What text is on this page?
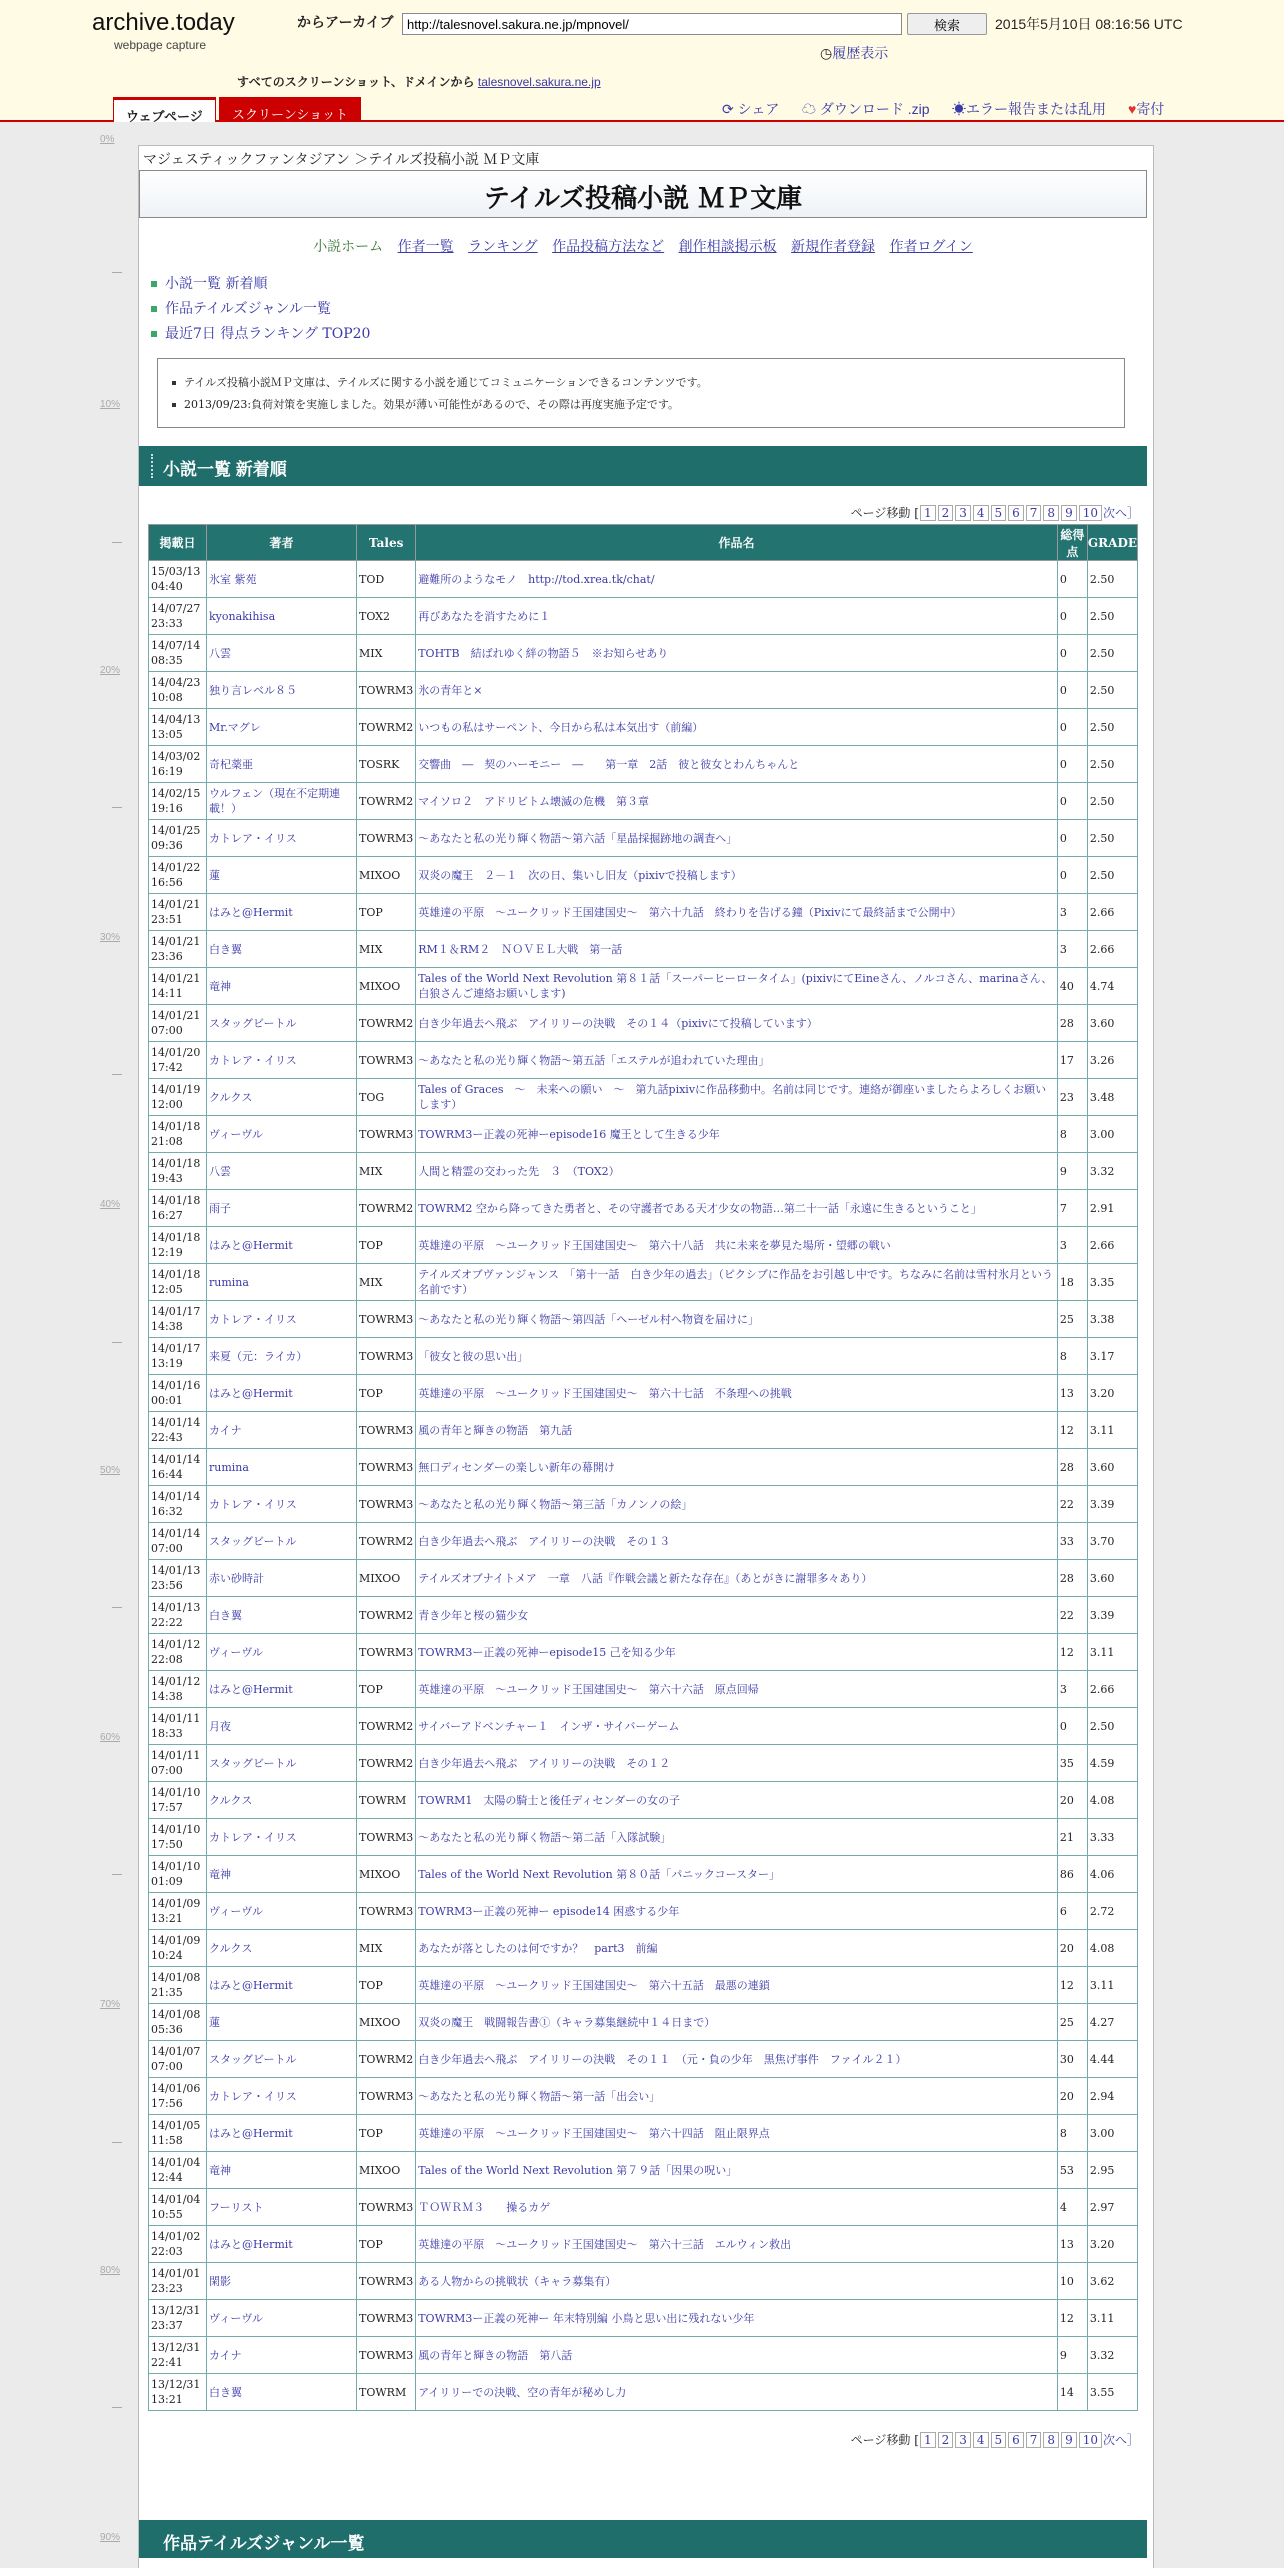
archive.today
webpage capture
からアーカイブ
http://talesnovel.sakura.ne.jp/mpnovel/	検索	2015年5月10日 08:16:56 UTC
◷履歴表示
すべてのスクリーンショット、ドメインから talesnovel.sakura.ne.jp
ウェブページ	スクリーンショット	⟳ シェア ☁ ダウンロード .zip ☀エラー報告または乱用 ♥寄付
0%
10%
20%
30%
40%
50%
60%
70%
80%
90%
マジェスティックファンタジアン ＞テイルズ投稿小説 ＭＰ文庫
テイルズ投稿小説 ＭＰ文庫
小説ホーム 作者一覧 ランキング 作品投稿方法など 創作相談掲示板 新規作者登録 作者ログイン
小説一覧 新着順
作品テイルズジャンル一覧
最近7日 得点ランキング TOP20
テイルズ投稿小説ＭＰ文庫は、テイルズに関する小説を通じてコミュニケーションできるコンテンツです。
2013/09/23:負荷対策を実施しました。効果が薄い可能性があるので、その際は再度実施予定です。
小説一覧 新着順
ページ移動 [ 1 2 3 4 5 6 7 8 9 10 次へ］
掲載日	著者	Tales	作品名	総得点	GRADE
15/03/13 04:40	氷室 紫苑	TOD	避難所のようなモノ　http://tod.xrea.tk/chat/	0	2.50
14/07/27 23:33	kyonakihisa	TOX2	再びあなたを消すために１	0	2.50
14/07/14 08:35	八雲	MIX	TOHTB　結ばれゆく絆の物語５　※お知らせあり	0	2.50
14/04/23 10:08	独り言レベル８５	TOWRM3	氷の青年と×	0	2.50
14/04/13 13:05	Mr.マグレ	TOWRM2	いつもの私はサーペント、今日から私は本気出す（前編）	0	2.50
14/03/02 16:19	奇杞薬亜	TOSRK	交響曲　―　契のハーモニー　―　　第一章　2話　彼と彼女とわんちゃんと	0	2.50
14/02/15 19:16	ウルフェン（現在不定期連載！）	TOWRM2	マイソロ２　アドリビトム壊滅の危機　第３章	0	2.50
14/01/25 09:36	カトレア・イリス	TOWRM3	～あなたと私の光り輝く物語～第六話「星晶採掘跡地の調査へ」	0	2.50
14/01/22 16:56	蓮	MIXOO	双炎の魔王　２－１　次の日、集いし旧友（pixivで投稿します）	0	2.50
14/01/21 23:51	はみと@Hermit	TOP	英雄達の平原　～ユークリッド王国建国史～　第六十九話　終わりを告げる鐘（Pixivにて最終話まで公開中）	3	2.66
14/01/21 23:36	白き翼	MIX	RM１＆RM２　ＮＯＶＥＬ大戦　第一話	3	2.66
14/01/21 14:11	竜神	MIXOO	Tales of the World Next Revolution 第８１話「スーパーヒーロータイム」(pixivにてEineさん、ノルコさん、marinaさん、白狼さんご連絡お願いします)	40	4.74
14/01/21 07:00	スタッグビートル	TOWRM2	白き少年過去へ飛ぶ　アイリリーの決戦　その１４（pixivにて投稿しています）	28	3.60
14/01/20 17:42	カトレア・イリス	TOWRM3	～あなたと私の光り輝く物語～第五話「エステルが追われていた理由」	17	3.26
14/01/19 12:00	クルクス	TOG	Tales of Graces　～　未来への願い　～　第九話pixivに作品移動中。名前は同じです。連絡が御座いましたらよろしくお願いします）	23	3.48
14/01/18 21:08	ヴィーヴル	TOWRM3	TOWRM3ー正義の死神ーepisode16 魔王として生きる少年	8	3.00
14/01/18 19:43	八雲	MIX	人間と精霊の交わった先　３　（TOX2）	9	3.32
14/01/18 16:27	雨子	TOWRM2	TOWRM2 空から降ってきた勇者と、その守護者である天才少女の物語…第二十一話「永遠に生きるということ」	7	2.91
14/01/18 12:19	はみと@Hermit	TOP	英雄達の平原　～ユークリッド王国建国史～　第六十八話　共に未来を夢見た場所・望郷の戦い	3	2.66
14/01/18 12:05	rumina	MIX	テイルズオブヴァンジャンス　「第十一話　白き少年の過去」（ピクシブに作品をお引越し中です。ちなみに名前は雪村氷月という名前です）	18	3.35
14/01/17 14:38	カトレア・イリス	TOWRM3	～あなたと私の光り輝く物語～第四話「ヘーゼル村へ物資を届けに」	25	3.38
14/01/17 13:19	来夏（元：ライカ）	TOWRM3	「彼女と彼の思い出」	8	3.17
14/01/16 00:01	はみと@Hermit	TOP	英雄達の平原　～ユークリッド王国建国史～　第六十七話　不条理への挑戦	13	3.20
14/01/14 22:43	カイナ	TOWRM3	風の青年と輝きの物語　第九話	12	3.11
14/01/14 16:44	rumina	TOWRM3	無口ディセンダーの楽しい新年の幕開け	28	3.60
14/01/14 16:32	カトレア・イリス	TOWRM3	～あなたと私の光り輝く物語～第三話「カノンノの絵」	22	3.39
14/01/14 07:00	スタッグビートル	TOWRM2	白き少年過去へ飛ぶ　アイリリーの決戦　その１３	33	3.70
14/01/13 23:56	赤い砂時計	MIXOO	テイルズオブナイトメア　一章　八話『作戦会議と新たな存在』（あとがきに謝罪多々あり）	28	3.60
14/01/13 22:22	白き翼	TOWRM2	青き少年と桜の猫少女	22	3.39
14/01/12 22:08	ヴィーヴル	TOWRM3	TOWRM3ー正義の死神ーepisode15 己を知る少年	12	3.11
14/01/12 14:38	はみと@Hermit	TOP	英雄達の平原　～ユークリッド王国建国史～　第六十六話　原点回帰	3	2.66
14/01/11 18:33	月夜	TOWRM2	サイバーアドベンチャー１　インザ・サイバーゲーム	0	2.50
14/01/11 07:00	スタッグビートル	TOWRM2	白き少年過去へ飛ぶ　アイリリーの決戦　その１２	35	4.59
14/01/10 17:57	クルクス	TOWRM	TOWRM1　太陽の騎士と後任ディセンダーの女の子	20	4.08
14/01/10 17:50	カトレア・イリス	TOWRM3	～あなたと私の光り輝く物語～第二話「入隊試験」	21	3.33
14/01/10 01:09	竜神	MIXOO	Tales of the World Next Revolution 第８０話「パニックコースター」	86	4.06
14/01/09 13:21	ヴィーヴル	TOWRM3	TOWRM3ー正義の死神ー episode14 困惑する少年	6	2.72
14/01/09 10:24	クルクス	MIX	あなたが落としたのは何ですか？　part3　前編	20	4.08
14/01/08 21:35	はみと@Hermit	TOP	英雄達の平原　～ユークリッド王国建国史～　第六十五話　最悪の連鎖	12	3.11
14/01/08 05:36	蓮	MIXOO	双炎の魔王　戦闘報告書①（キャラ募集継続中１４日まで）	25	4.27
14/01/07 07:00	スタッグビートル	TOWRM2	白き少年過去へ飛ぶ　アイリリーの決戦　その１１　（元・負の少年　黒焦げ事件　ファイル２１）	30	4.44
14/01/06 17:56	カトレア・イリス	TOWRM3	～あなたと私の光り輝く物語～第一話「出会い」	20	2.94
14/01/05 11:58	はみと@Hermit	TOP	英雄達の平原　～ユークリッド王国建国史～　第六十四話　阻止限界点	8	3.00
14/01/04 12:44	竜神	MIXOO	Tales of the World Next Revolution 第７９話「因果の呪い」	53	2.95
14/01/04 10:55	フーリスト	TOWRM3	ＴＯＷＲＭ３　　操るカゲ	4	2.97
14/01/02 22:03	はみと@Hermit	TOP	英雄達の平原　～ユークリッド王国建国史～　第六十三話　エルウィン救出	13	3.20
14/01/01 23:23	閑影	TOWRM3	ある人物からの挑戦状（キャラ募集有）	10	3.62
13/12/31 23:37	ヴィーヴル	TOWRM3	TOWRM3ー正義の死神ー 年末特別編 小鳥と思い出に残れない少年	12	3.11
13/12/31 22:41	カイナ	TOWRM3	風の青年と輝きの物語　第八話	9	3.32
13/12/31 13:21	白き翼	TOWRM	アイリリーでの決戦、空の青年が秘めし力	14	3.55
ページ移動 [ 1 2 3 4 5 6 7 8 9 10 次へ］
作品テイルズジャンル一覧
